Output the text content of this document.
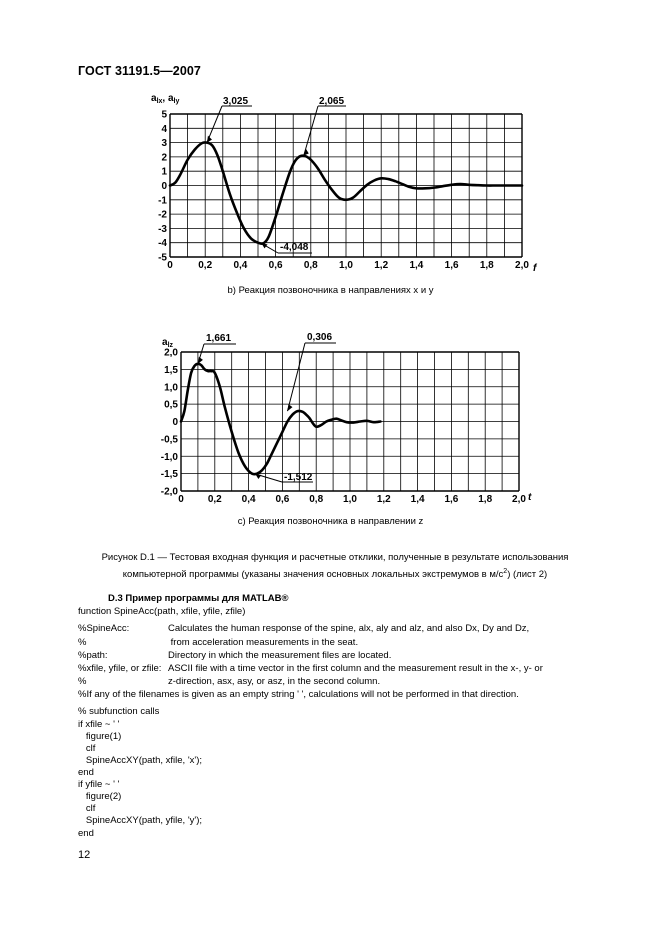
ГОСТ 31191.5—2007
0	0,2 0,4 0,6 0,8 1,0 1,2 1,4 1,6 1,8 2,0
5
4
3
2
1
0
-1
-2
-3
-4
-5
3,025	2,065
-4,048
$a_{lx}$, $a_{ly}$
f
b) Реакция позвоночника в направлениях x и y
0 0,2 0,4 0,6 0,8 1,0 1,2 1,4 1,6 1,8 2,0
2,0
1,5
1,0
0,5
0
-0,5
-1,0
-1,5
-2,0
1,661	0,306
-1,512
$a_{lz}$
t
с) Реакция позвоночника в направлении z
Рисунок D.1 — Тестовая входная функция и расчетные отклики, полученные в результате использования
компьютерной программы (указаны значения основных локальных экстремумов в $м/с^2$) (лист 2)
D.3 Пример программы для MATLAB®
function SpineAcc(path, xfile, yfile, zfile)
%SpineAcc:	Calculates the human response of the spine, alx, aly and alz, and also Dx, Dy and Dz,
%	from acceleration measurements in the seat.
%path:	Directory in which the measurement files are located.
%xfile, yfile, or zfile: ASCII file with a time vector in the first column and the measurement result in the x-, y- or
%	z-direction, asx, asy, or asz, in the second column.
%If any of the filenames is given as an empty string ' ', calculations will not be performed in that direction.
% subfunction calls
if xfile ~ ' '
figure(1)
clf
SpineAccXY(path, xfile, 'x');
end
if yfile ~ ' '
figure(2)
clf
SpineAccXY(path, yfile, 'y');
end
12
